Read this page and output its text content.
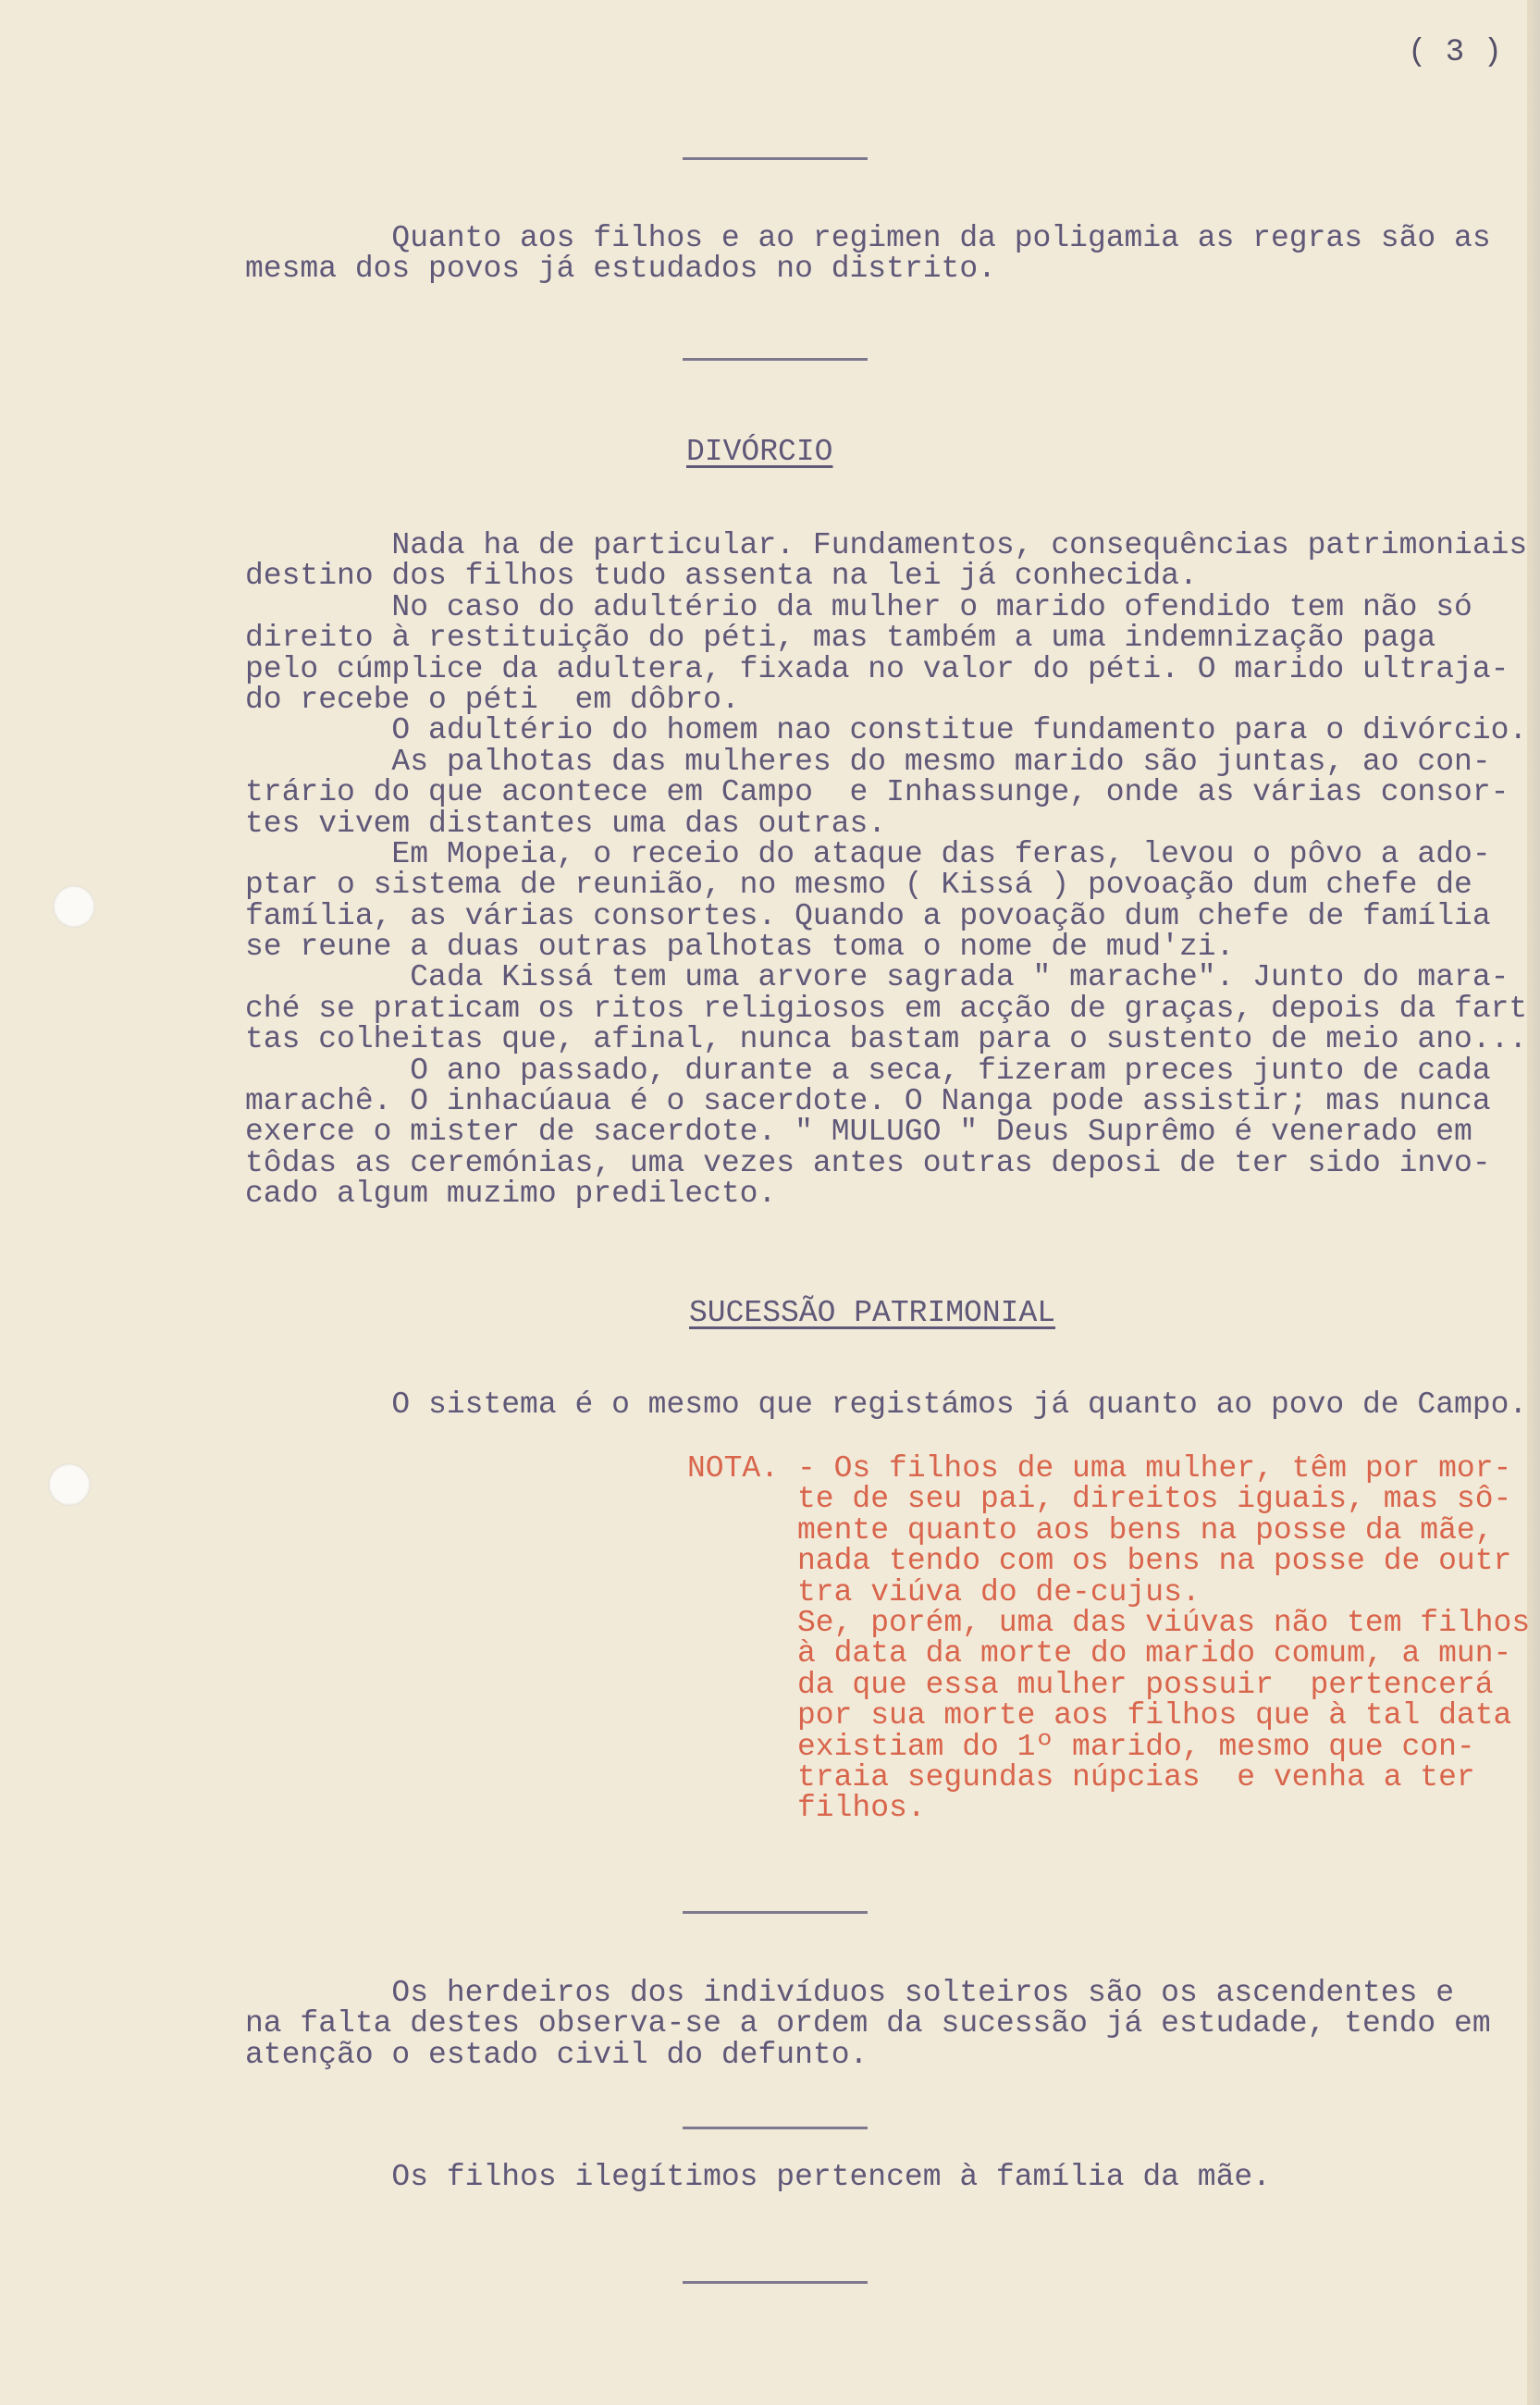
( 3 )
Quanto aos filhos e ao regimen da poligamia as regras são as
mesma dos povos já estudados no distrito.
DIVÓRCIO
Nada ha de particular. Fundamentos, consequências patrimoniais
destino dos filhos tudo assenta na lei já conhecida.
No caso do adultério da mulher o marido ofendido tem não só
direito à restituição do péti, mas também a uma indemnização paga
pelo cúmplice da adultera, fixada no valor do péti. O marido ultraja-
do recebe o péti  em dôbro.
O adultério do homem nao constitue fundamento para o divórcio.
As palhotas das mulheres do mesmo marido são juntas, ao con-
trário do que acontece em Campo  e Inhassunge, onde as várias consor-
tes vivem distantes uma das outras.
Em Mopeia, o receio do ataque das feras, levou o pôvo a ado-
ptar o sistema de reunião, no mesmo ( Kissá ) povoação dum chefe de
família, as várias consortes. Quando a povoação dum chefe de família
se reune a duas outras palhotas toma o nome de mud'zi.
Cada Kissá tem uma arvore sagrada " marache". Junto do mara-
ché se praticam os ritos religiosos em acção de graças, depois da fart
tas colheitas que, afinal, nunca bastam para o sustento de meio ano...
O ano passado, durante a seca, fizeram preces junto de cada
marachê. O inhacúaua é o sacerdote. O Nanga pode assistir; mas nunca
exerce o mister de sacerdote. " MULUGO " Deus Suprêmo é venerado em
tôdas as ceremónias, uma vezes antes outras deposi de ter sido invo-
cado algum muzimo predilecto.
SUCESSÃO PATRIMONIAL
O sistema é o mesmo que registámos já quanto ao povo de Campo.
NOTA. - Os filhos de uma mulher, têm por mor-
te de seu pai, direitos iguais, mas sô-
mente quanto aos bens na posse da mãe,
nada tendo com os bens na posse de outr
tra viúva do de-cujus.
Se, porém, uma das viúvas não tem filhos
à data da morte do marido comum, a mun-
da que essa mulher possuir  pertencerá
por sua morte aos filhos que à tal data
existiam do 1º marido, mesmo que con-
traia segundas núpcias  e venha a ter
filhos.
Os herdeiros dos indivíduos solteiros são os ascendentes e
na falta destes observa-se a ordem da sucessão já estudade, tendo em
atenção o estado civil do defunto.
Os filhos ilegítimos pertencem à família da mãe.
